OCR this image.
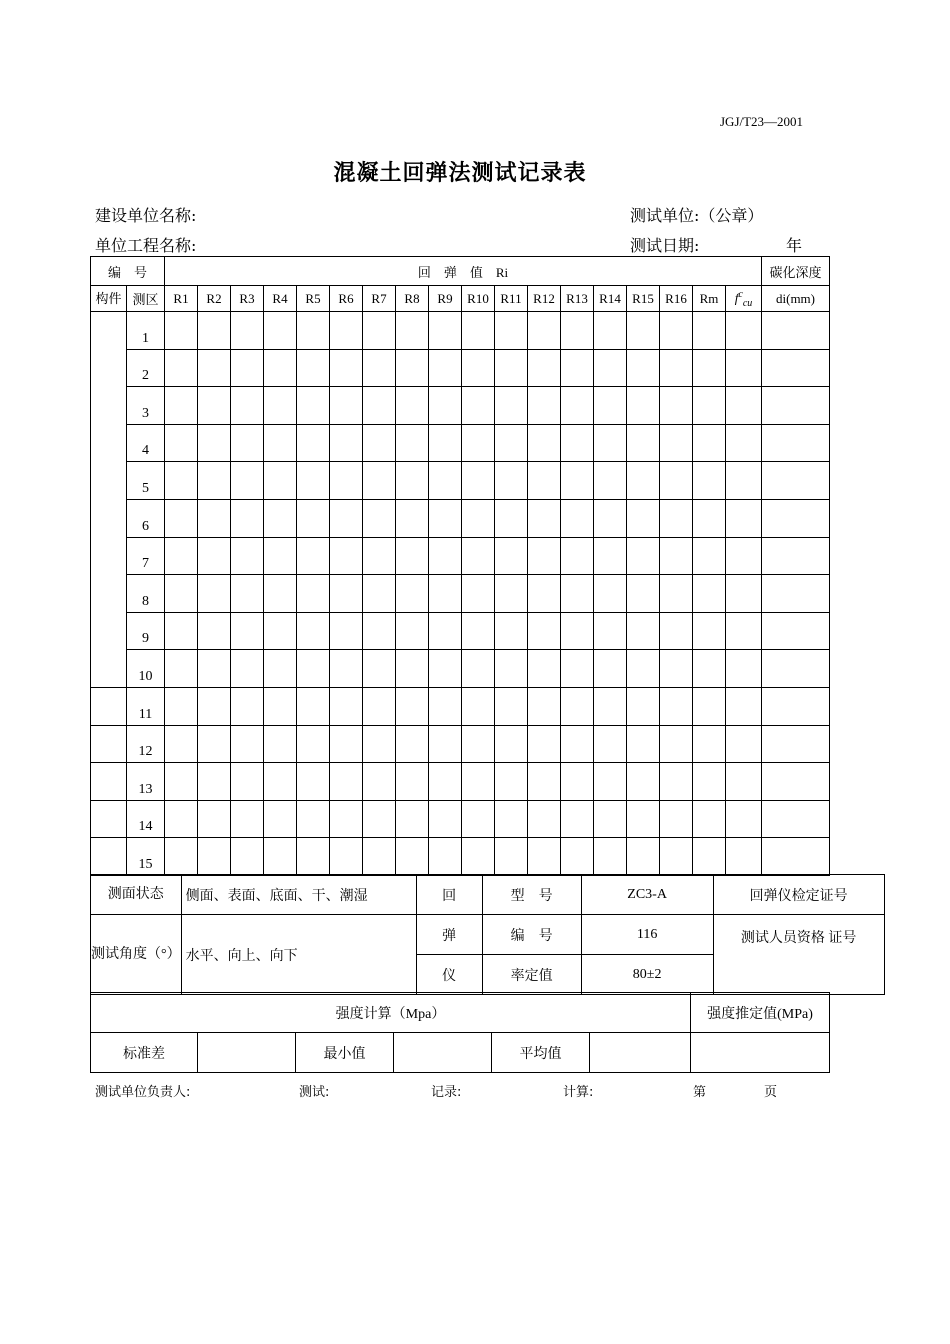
JGJ/T23—2001
混凝土回弹法测试记录表
建设单位名称:
单位工程名称:
测试单位:（公章）
测试日期:	年
编　号		回　弹　值　Ri																		碳化深度
构件	测区	R1	R2	R3	R4	R5	R6	R7	R8	R9	R10	R11	R12	R13	R14	R15	R16	Rm	$f^c_{cu}$	di(mm)
	1																			
	2																			
	3																			
	4																			
	5																			
	6																			
	7																			
	8																			
	9																			
	10																			
	11																			
	12																			
	13																			
	14																			
	15																			
测面状态	侧面、表面、底面、干、潮湿	回	型　号	ZC3-A	回弹仪检定证号
测试角度（°）	水平、向上、向下	弹	编　号	116	测试人员资格 证号
		仪	率定值	80±2	
强度计算（Mpa）						强度推定值(MPa)
标准差		最小值		平均值		
测试单位负责人:	测试:	记录:	计算:	第	页
